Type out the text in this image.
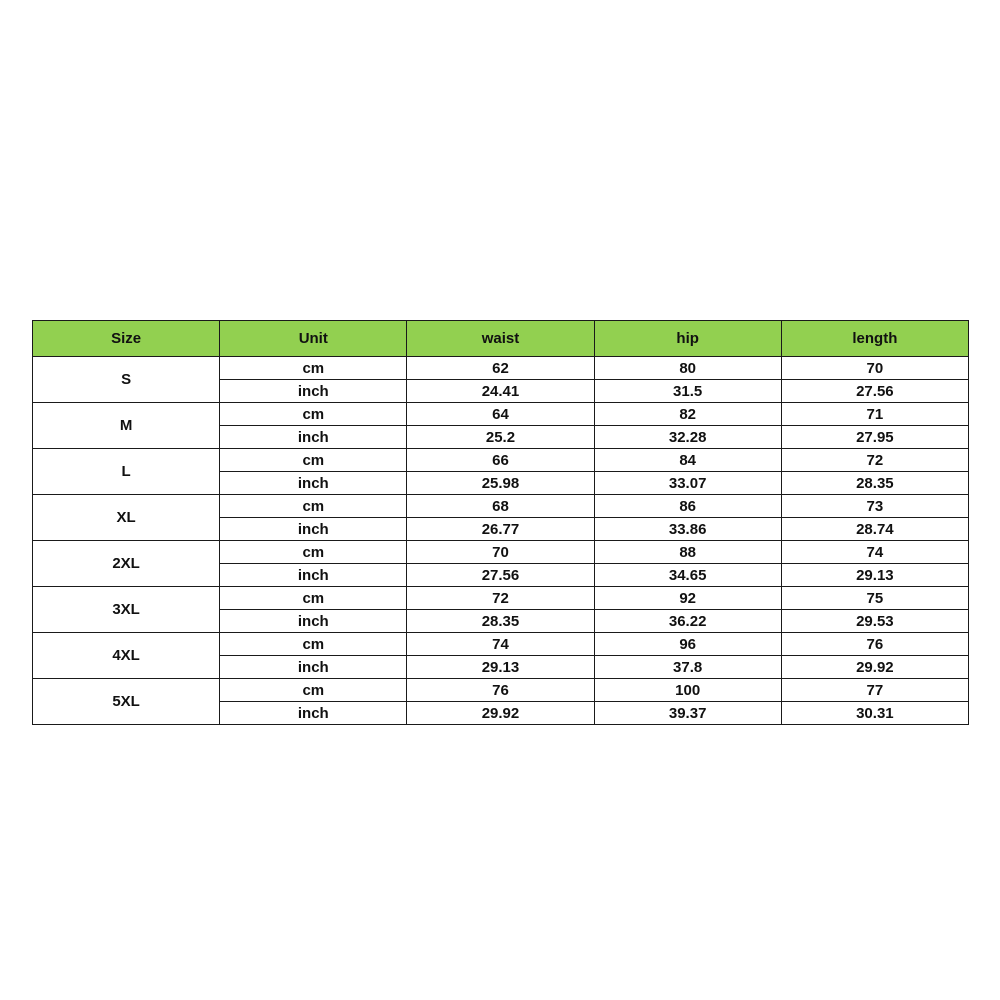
Size	Unit	waist	hip	length
S	cm	62	80	70
	inch	24.41	31.5	27.56
M	cm	64	82	71
	inch	25.2	32.28	27.95
L	cm	66	84	72
	inch	25.98	33.07	28.35
XL	cm	68	86	73
	inch	26.77	33.86	28.74
2XL	cm	70	88	74
	inch	27.56	34.65	29.13
3XL	cm	72	92	75
	inch	28.35	36.22	29.53
4XL	cm	74	96	76
	inch	29.13	37.8	29.92
5XL	cm	76	100	77
	inch	29.92	39.37	30.31
